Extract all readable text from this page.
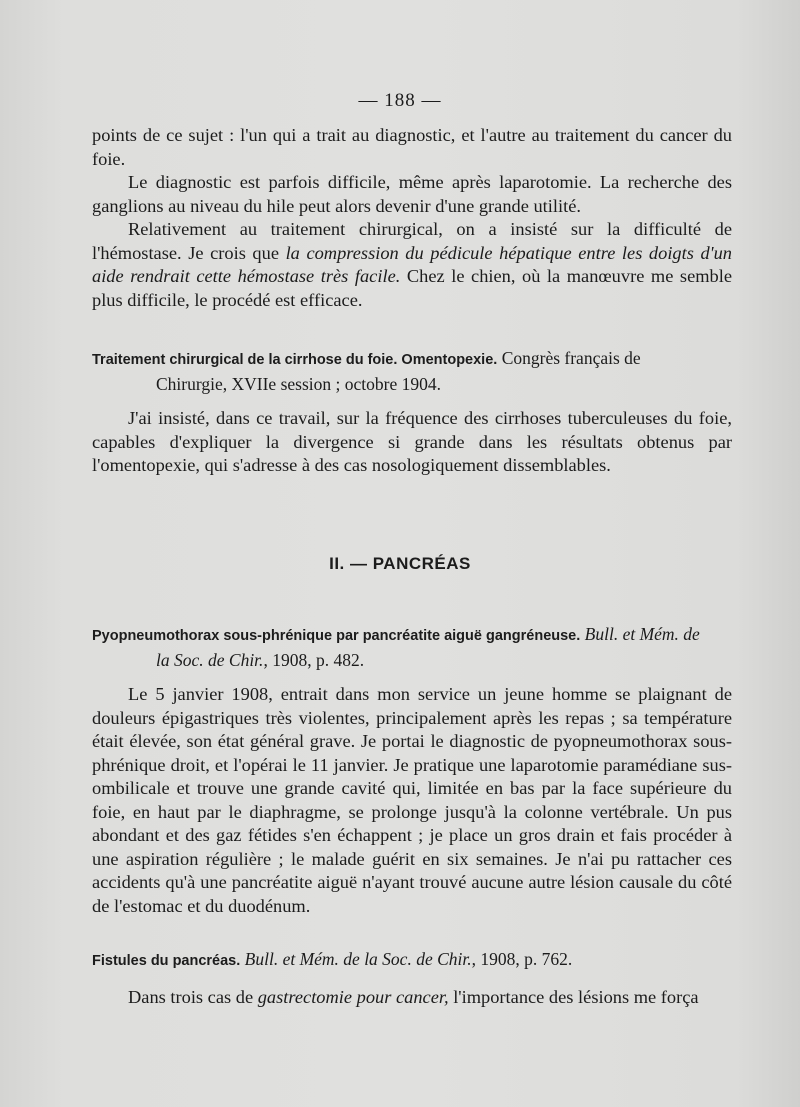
— 188 —

points de ce sujet : l'un qui a trait au diagnostic, et l'autre au traitement du cancer du foie.

Le diagnostic est parfois difficile, même après laparotomie. La recherche des ganglions au niveau du hile peut alors devenir d'une grande utilité.

Relativement au traitement chirurgical, on a insisté sur la difficulté de l'hémostase. Je crois que la compression du pédicule hépatique entre les doigts d'un aide rendrait cette hémostase très facile. Chez le chien, où la manœuvre me semble plus difficile, le procédé est efficace.

Traitement chirurgical de la cirrhose du foie. Omentopexie. Congrès français de
Chirurgie, XVIIe session ; octobre 1904.

J'ai insisté, dans ce travail, sur la fréquence des cirrhoses tuberculeuses du foie, capables d'expliquer la divergence si grande dans les résultats obtenus par l'omentopexie, qui s'adresse à des cas nosologiquement dissemblables.

II. — PANCRÉAS
Pyopneumothorax sous-phrénique par pancréatite aiguë gangréneuse. Bull. et Mém. de
la Soc. de Chir., 1908, p. 482.

Le 5 janvier 1908, entrait dans mon service un jeune homme se plaignant de douleurs épigastriques très violentes, principalement après les repas ; sa température était élevée, son état général grave. Je portai le diagnostic de pyopneumothorax sous-phrénique droit, et l'opérai le 11 janvier. Je pratique une laparotomie paramédiane sus-ombilicale et trouve une grande cavité qui, limitée en bas par la face supérieure du foie, en haut par le diaphragme, se prolonge jusqu'à la colonne vertébrale. Un pus abondant et des gaz fétides s'en échappent ; je place un gros drain et fais procéder à une aspiration régulière ; le malade guérit en six semaines. Je n'ai pu rattacher ces accidents qu'à une pancréatite aiguë n'ayant trouvé aucune autre lésion causale du côté de l'estomac et du duodénum.

Fistules du pancréas. Bull. et Mém. de la Soc. de Chir., 1908, p. 762.

Dans trois cas de gastrectomie pour cancer, l'importance des lésions me força
